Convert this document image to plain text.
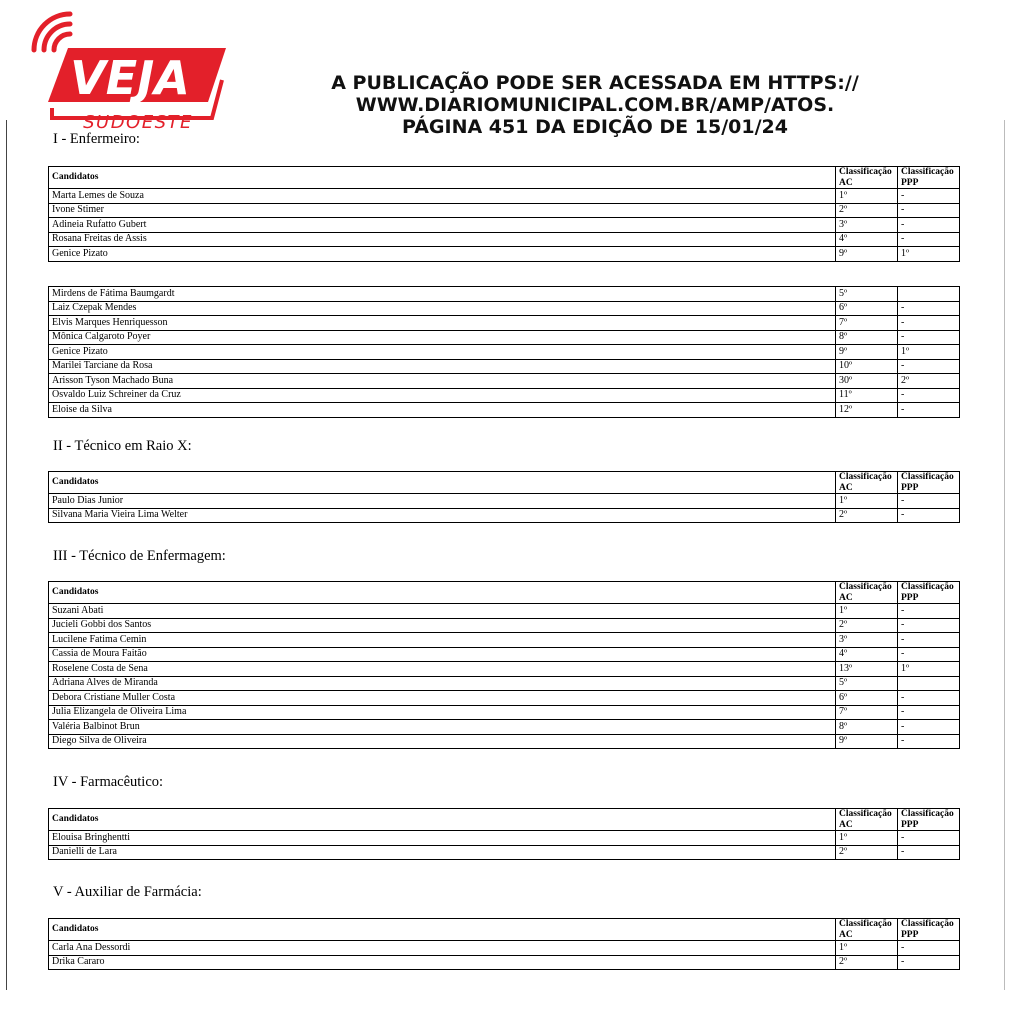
VEJA
SUDOESTE
A PUBLICAÇÃO PODE SER ACESSADA EM HTTPS://
WWW.DIARIOMUNICIPAL.COM.BR/AMP/ATOS.
PÁGINA 451 DA EDIÇÃO DE 15/01/24
I - Enfermeiro:
Candidatos	Classificação AC	Classificação PPP
Marta Lemes de Souza	1º	-
Ivone Stimer	2º	-
Adineia Rufatto Gubert	3º	-
Rosana Freitas de Assis	4º	-
Genice Pizato	9º	1º
Mirdens de Fátima Baumgardt	5º	
Laiz Czepak Mendes	6º	-
Elvis Marques Henriquesson	7º	-
Mônica Calgaroto Poyer	8º	-
Genice Pizato	9º	1º
Marilei Tarciane da Rosa	10º	-
Arisson Tyson Machado Buna	30º	2º
Osvaldo Luiz Schreiner da Cruz	11º	-
Eloise da Silva	12º	-
II - Técnico em Raio X:
Candidatos	Classificação AC	Classificação PPP
Paulo Dias Junior	1º	-
Silvana Maria Vieira Lima Welter	2º	-
III - Técnico de Enfermagem:
Candidatos	Classificação AC	Classificação PPP
Suzani Abati	1º	-
Jucieli Gobbi dos Santos	2º	-
Lucilene Fatima Cemin	3º	-
Cassia de Moura Faitão	4º	-
Roselene Costa de Sena	13º	1º
Adriana Alves de Miranda	5º	
Debora Cristiane Muller Costa	6º	-
Julia Elizangela de Oliveira Lima	7º	-
Valéria Balbinot Brun	8º	-
Diego Silva de Oliveira	9º	-
IV - Farmacêutico:
Candidatos	Classificação AC	Classificação PPP
Elouisa Bringhentti	1º	-
Danielli de Lara	2º	-
V - Auxiliar de Farmácia:
Candidatos	Classificação AC	Classificação PPP
Carla Ana Dessordi	1º	-
Drika Cararo	2º	-
